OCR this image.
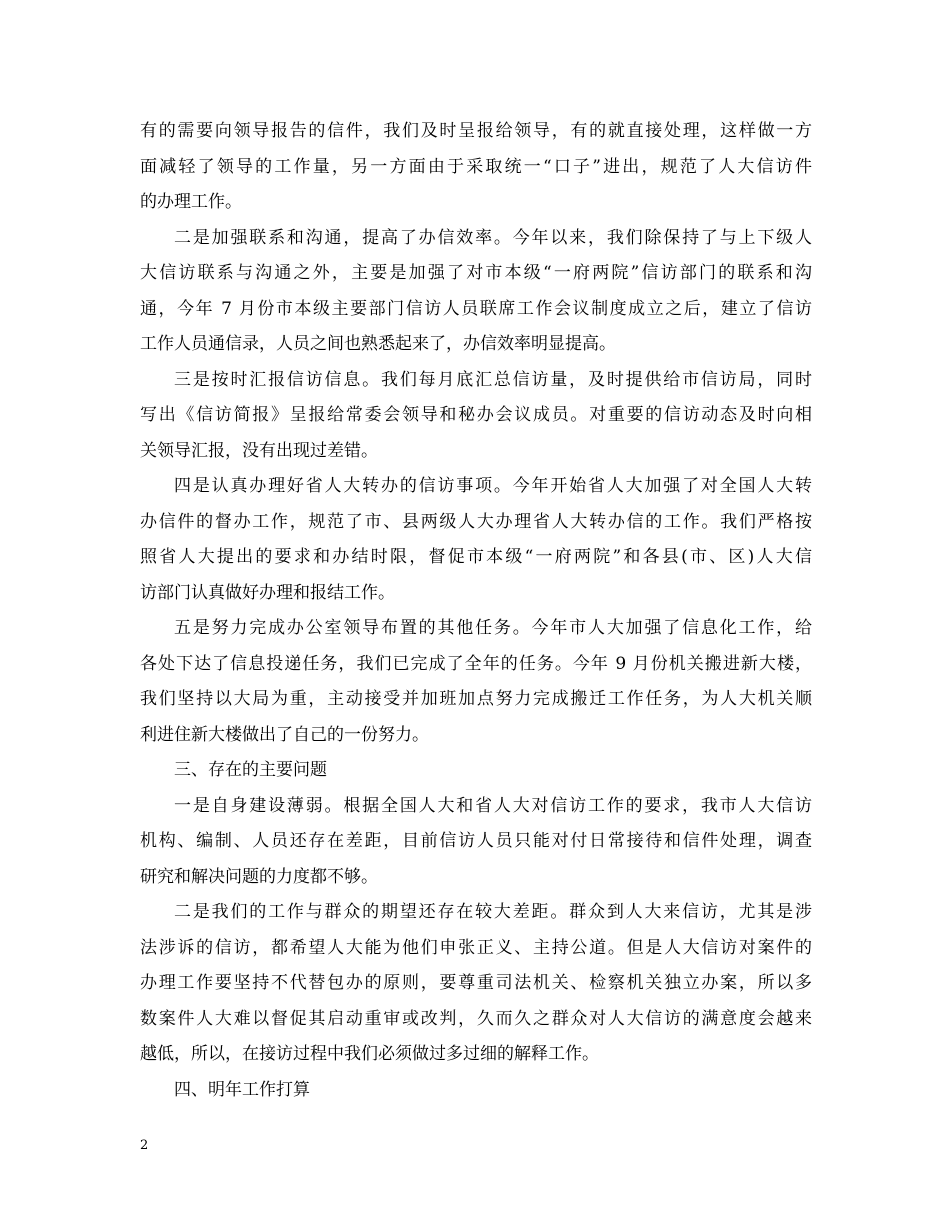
有的需要向领导报告的信件，我们及时呈报给领导，有的就直接处理，这样做一方
面减轻了领导的工作量，另一方面由于采取统一“口子”进出，规范了人大信访件
的办理工作。
二是加强联系和沟通，提高了办信效率。今年以来，我们除保持了与上下级人
大信访联系与沟通之外，主要是加强了对市本级“一府两院”信访部门的联系和沟
通，今年 7 月份市本级主要部门信访人员联席工作会议制度成立之后，建立了信访
工作人员通信录，人员之间也熟悉起来了，办信效率明显提高。
三是按时汇报信访信息。我们每月底汇总信访量，及时提供给市信访局，同时
写出《信访简报》呈报给常委会领导和秘办会议成员。对重要的信访动态及时向相
关领导汇报，没有出现过差错。
四是认真办理好省人大转办的信访事项。今年开始省人大加强了对全国人大转
办信件的督办工作，规范了市、县两级人大办理省人大转办信的工作。我们严格按
照省人大提出的要求和办结时限，督促市本级“一府两院”和各县(市、区)人大信
访部门认真做好办理和报结工作。
五是努力完成办公室领导布置的其他任务。今年市人大加强了信息化工作，给
各处下达了信息投递任务，我们已完成了全年的任务。今年 9 月份机关搬进新大楼，
我们坚持以大局为重，主动接受并加班加点努力完成搬迁工作任务，为人大机关顺
利进住新大楼做出了自己的一份努力。
三、存在的主要问题
一是自身建设薄弱。根据全国人大和省人大对信访工作的要求，我市人大信访
机构、编制、人员还存在差距，目前信访人员只能对付日常接待和信件处理，调查
研究和解决问题的力度都不够。
二是我们的工作与群众的期望还存在较大差距。群众到人大来信访，尤其是涉
法涉诉的信访，都希望人大能为他们申张正义、主持公道。但是人大信访对案件的
办理工作要坚持不代替包办的原则，要尊重司法机关、检察机关独立办案，所以多
数案件人大难以督促其启动重审或改判，久而久之群众对人大信访的满意度会越来
越低，所以，在接访过程中我们必须做过多过细的解释工作。
四、明年工作打算
2
